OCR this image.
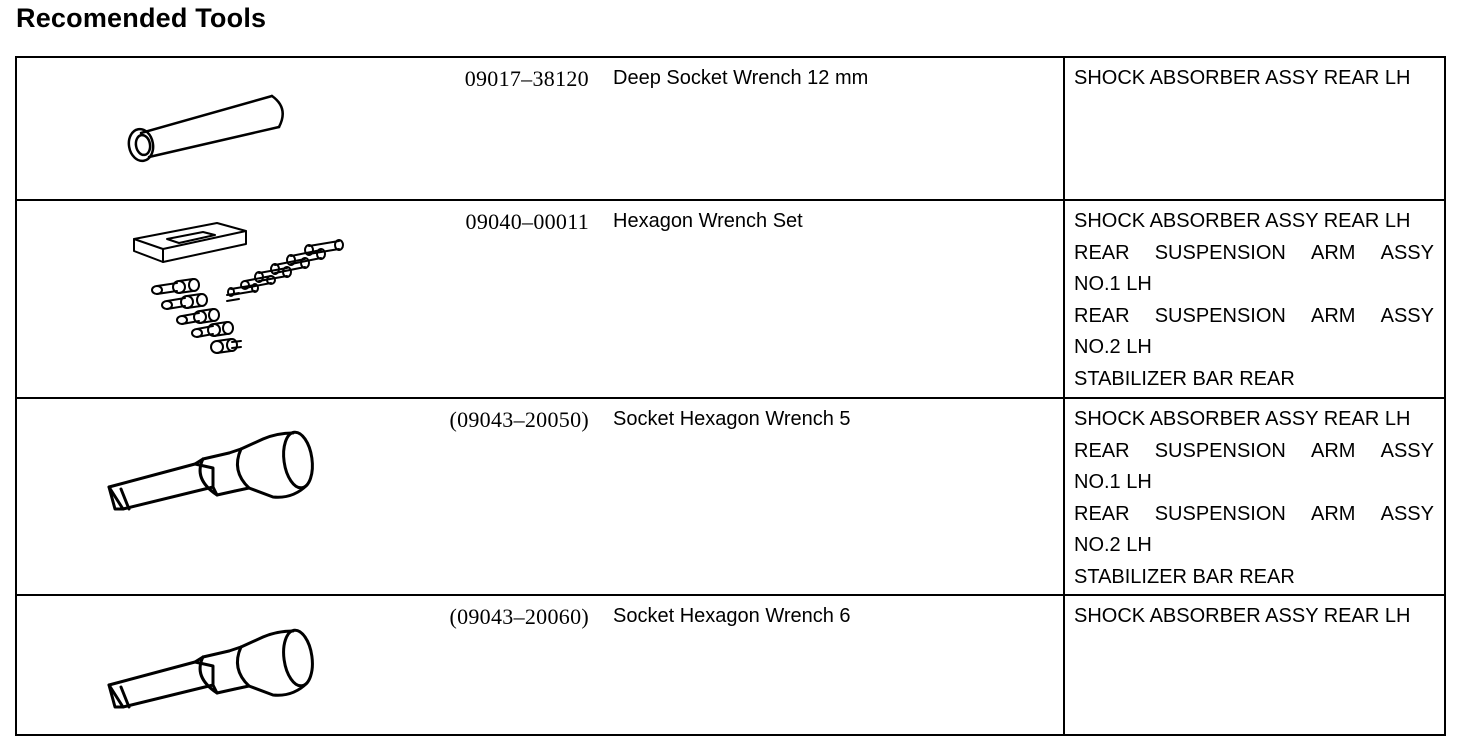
Recomended Tools
09017–38120 Deep Socket Wrench 12 mm	SHOCK ABSORBER ASSY REAR LH
09040–00011 Hexagon Wrench Set	SHOCK ABSORBER ASSY REAR LH
REAR SUSPENSION ARM ASSY
NO.1 LH
REAR SUSPENSION ARM ASSY
NO.2 LH
STABILIZER BAR REAR
(09043–20050) Socket Hexagon Wrench 5	SHOCK ABSORBER ASSY REAR LH
REAR SUSPENSION ARM ASSY
NO.1 LH
REAR SUSPENSION ARM ASSY
NO.2 LH
STABILIZER BAR REAR
(09043–20060) Socket Hexagon Wrench 6	SHOCK ABSORBER ASSY REAR LH
